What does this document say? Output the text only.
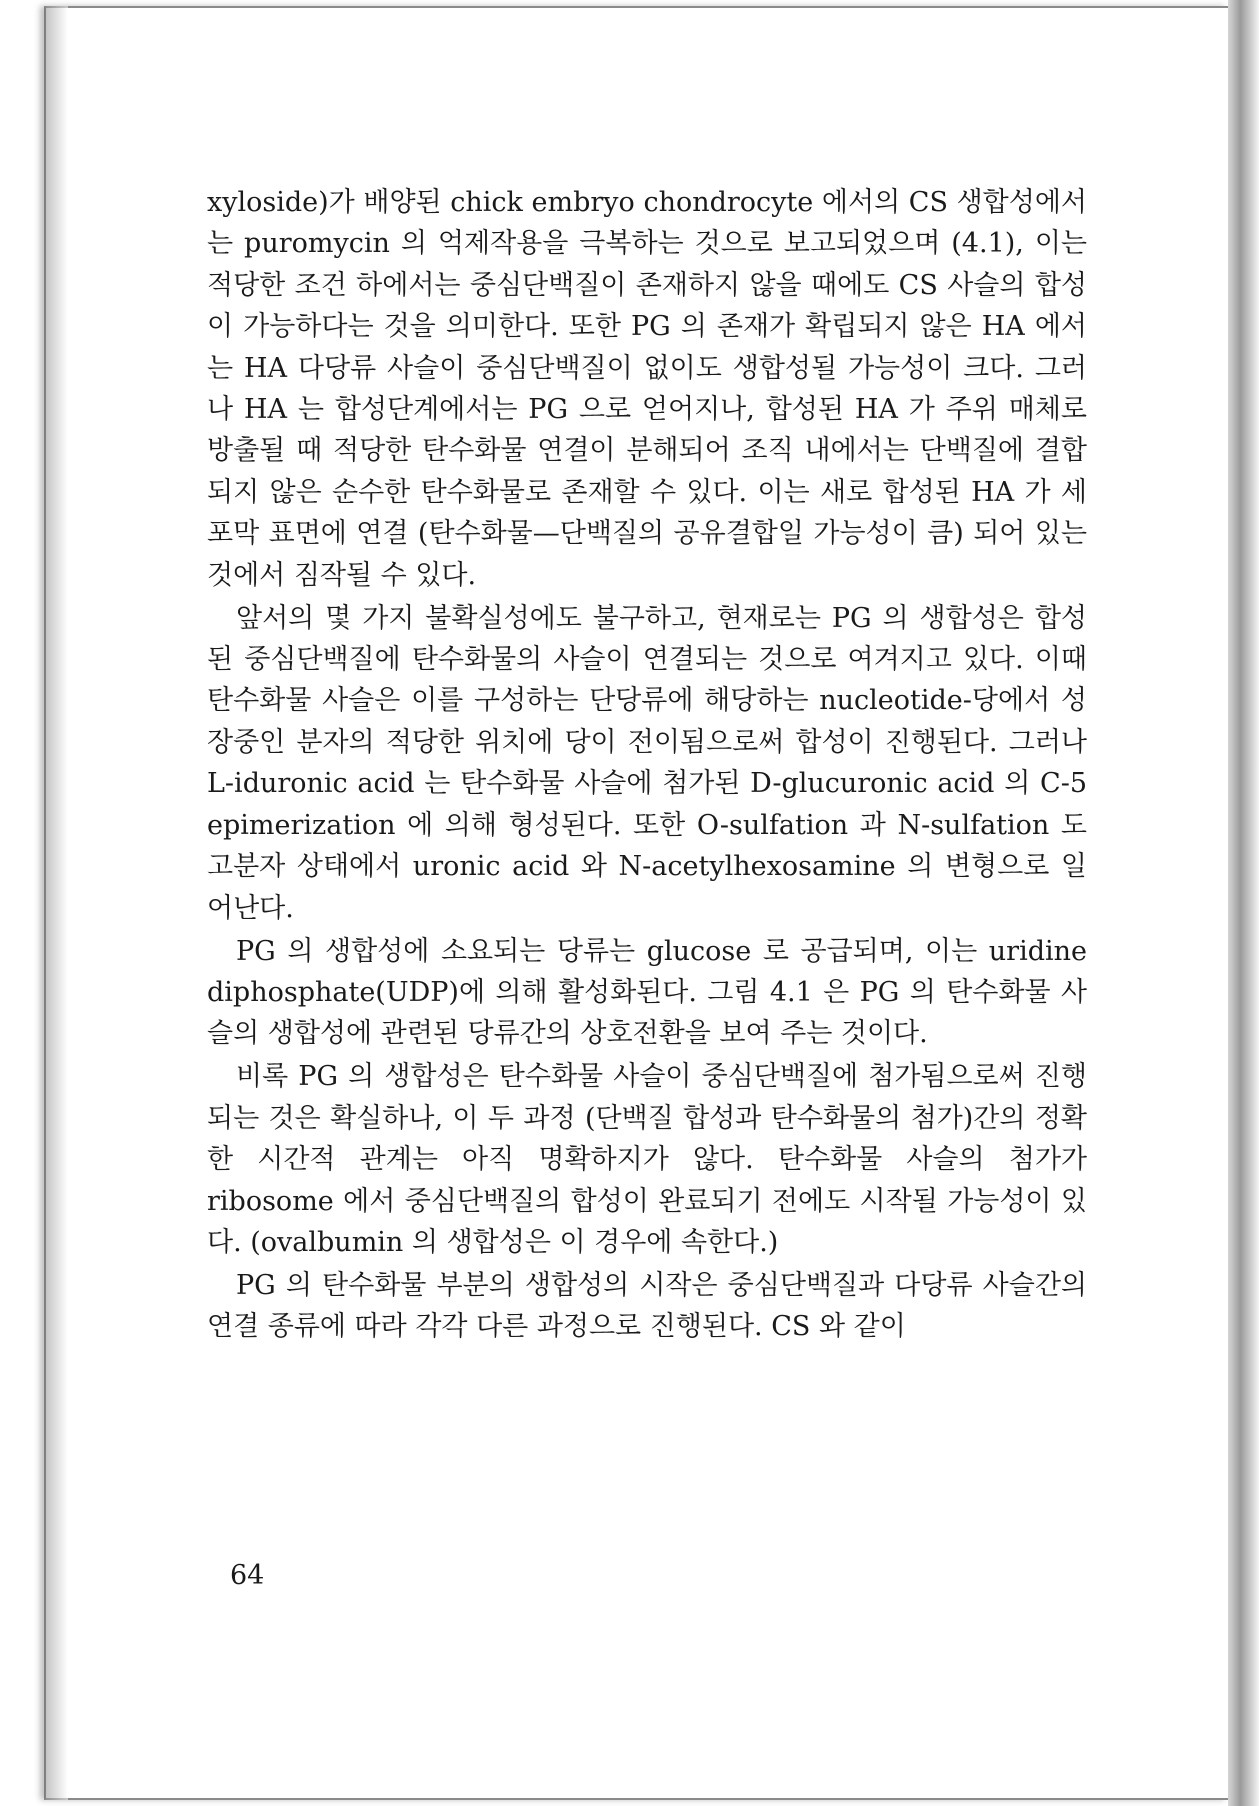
xyloside)가 배양된 chick embryo chondrocyte 에서의 CS 생합성에서는 puromycin 의 억제작용을 극복하는 것으로 보고되었으며 (4.1), 이는 적당한 조건 하에서는 중심단백질이 존재하지 않을 때에도 CS 사슬의 합성이 가능하다는 것을 의미한다. 또한 PG 의 존재가 확립되지 않은 HA 에서는 HA 다당류 사슬이 중심단백질이 없이도 생합성될 가능성이 크다. 그러나 HA 는 합성단계에서는 PG 으로 얻어지나, 합성된 HA 가 주위 매체로 방출될 때 적당한 탄수화물 연결이 분해되어 조직 내에서는 단백질에 결합되지 않은 순수한 탄수화물로 존재할 수 있다. 이는 새로 합성된 HA 가 세포막 표면에 연결 (탄수화물—단백질의 공유결합일 가능성이 큼) 되어 있는 것에서 짐작될 수 있다.

앞서의 몇 가지 불확실성에도 불구하고, 현재로는 PG 의 생합성은 합성된 중심단백질에 탄수화물의 사슬이 연결되는 것으로 여겨지고 있다. 이때 탄수화물 사슬은 이를 구성하는 단당류에 해당하는 nucleotide-당에서 성장중인 분자의 적당한 위치에 당이 전이됨으로써 합성이 진행된다. 그러나 L-iduronic acid 는 탄수화물 사슬에 첨가된 D-glucuronic acid 의 C-5 epimerization 에 의해 형성된다. 또한 O-sulfation 과 N-sulfation 도 고분자 상태에서 uronic acid 와 N-acetylhexosamine 의 변형으로 일어난다.

PG 의 생합성에 소요되는 당류는 glucose 로 공급되며, 이는 uridine diphosphate(UDP)에 의해 활성화된다. 그림 4.1 은 PG 의 탄수화물 사슬의 생합성에 관련된 당류간의 상호전환을 보여 주는 것이다.

비록 PG 의 생합성은 탄수화물 사슬이 중심단백질에 첨가됨으로써 진행되는 것은 확실하나, 이 두 과정 (단백질 합성과 탄수화물의 첨가)간의 정확한 시간적 관계는 아직 명확하지가 않다. 탄수화물 사슬의 첨가가 ribosome 에서 중심단백질의 합성이 완료되기 전에도 시작될 가능성이 있다. (ovalbumin 의 생합성은 이 경우에 속한다.)

PG 의 탄수화물 부분의 생합성의 시작은 중심단백질과 다당류 사슬간의 연결 종류에 따라 각각 다른 과정으로 진행된다. CS 와 같이

64
